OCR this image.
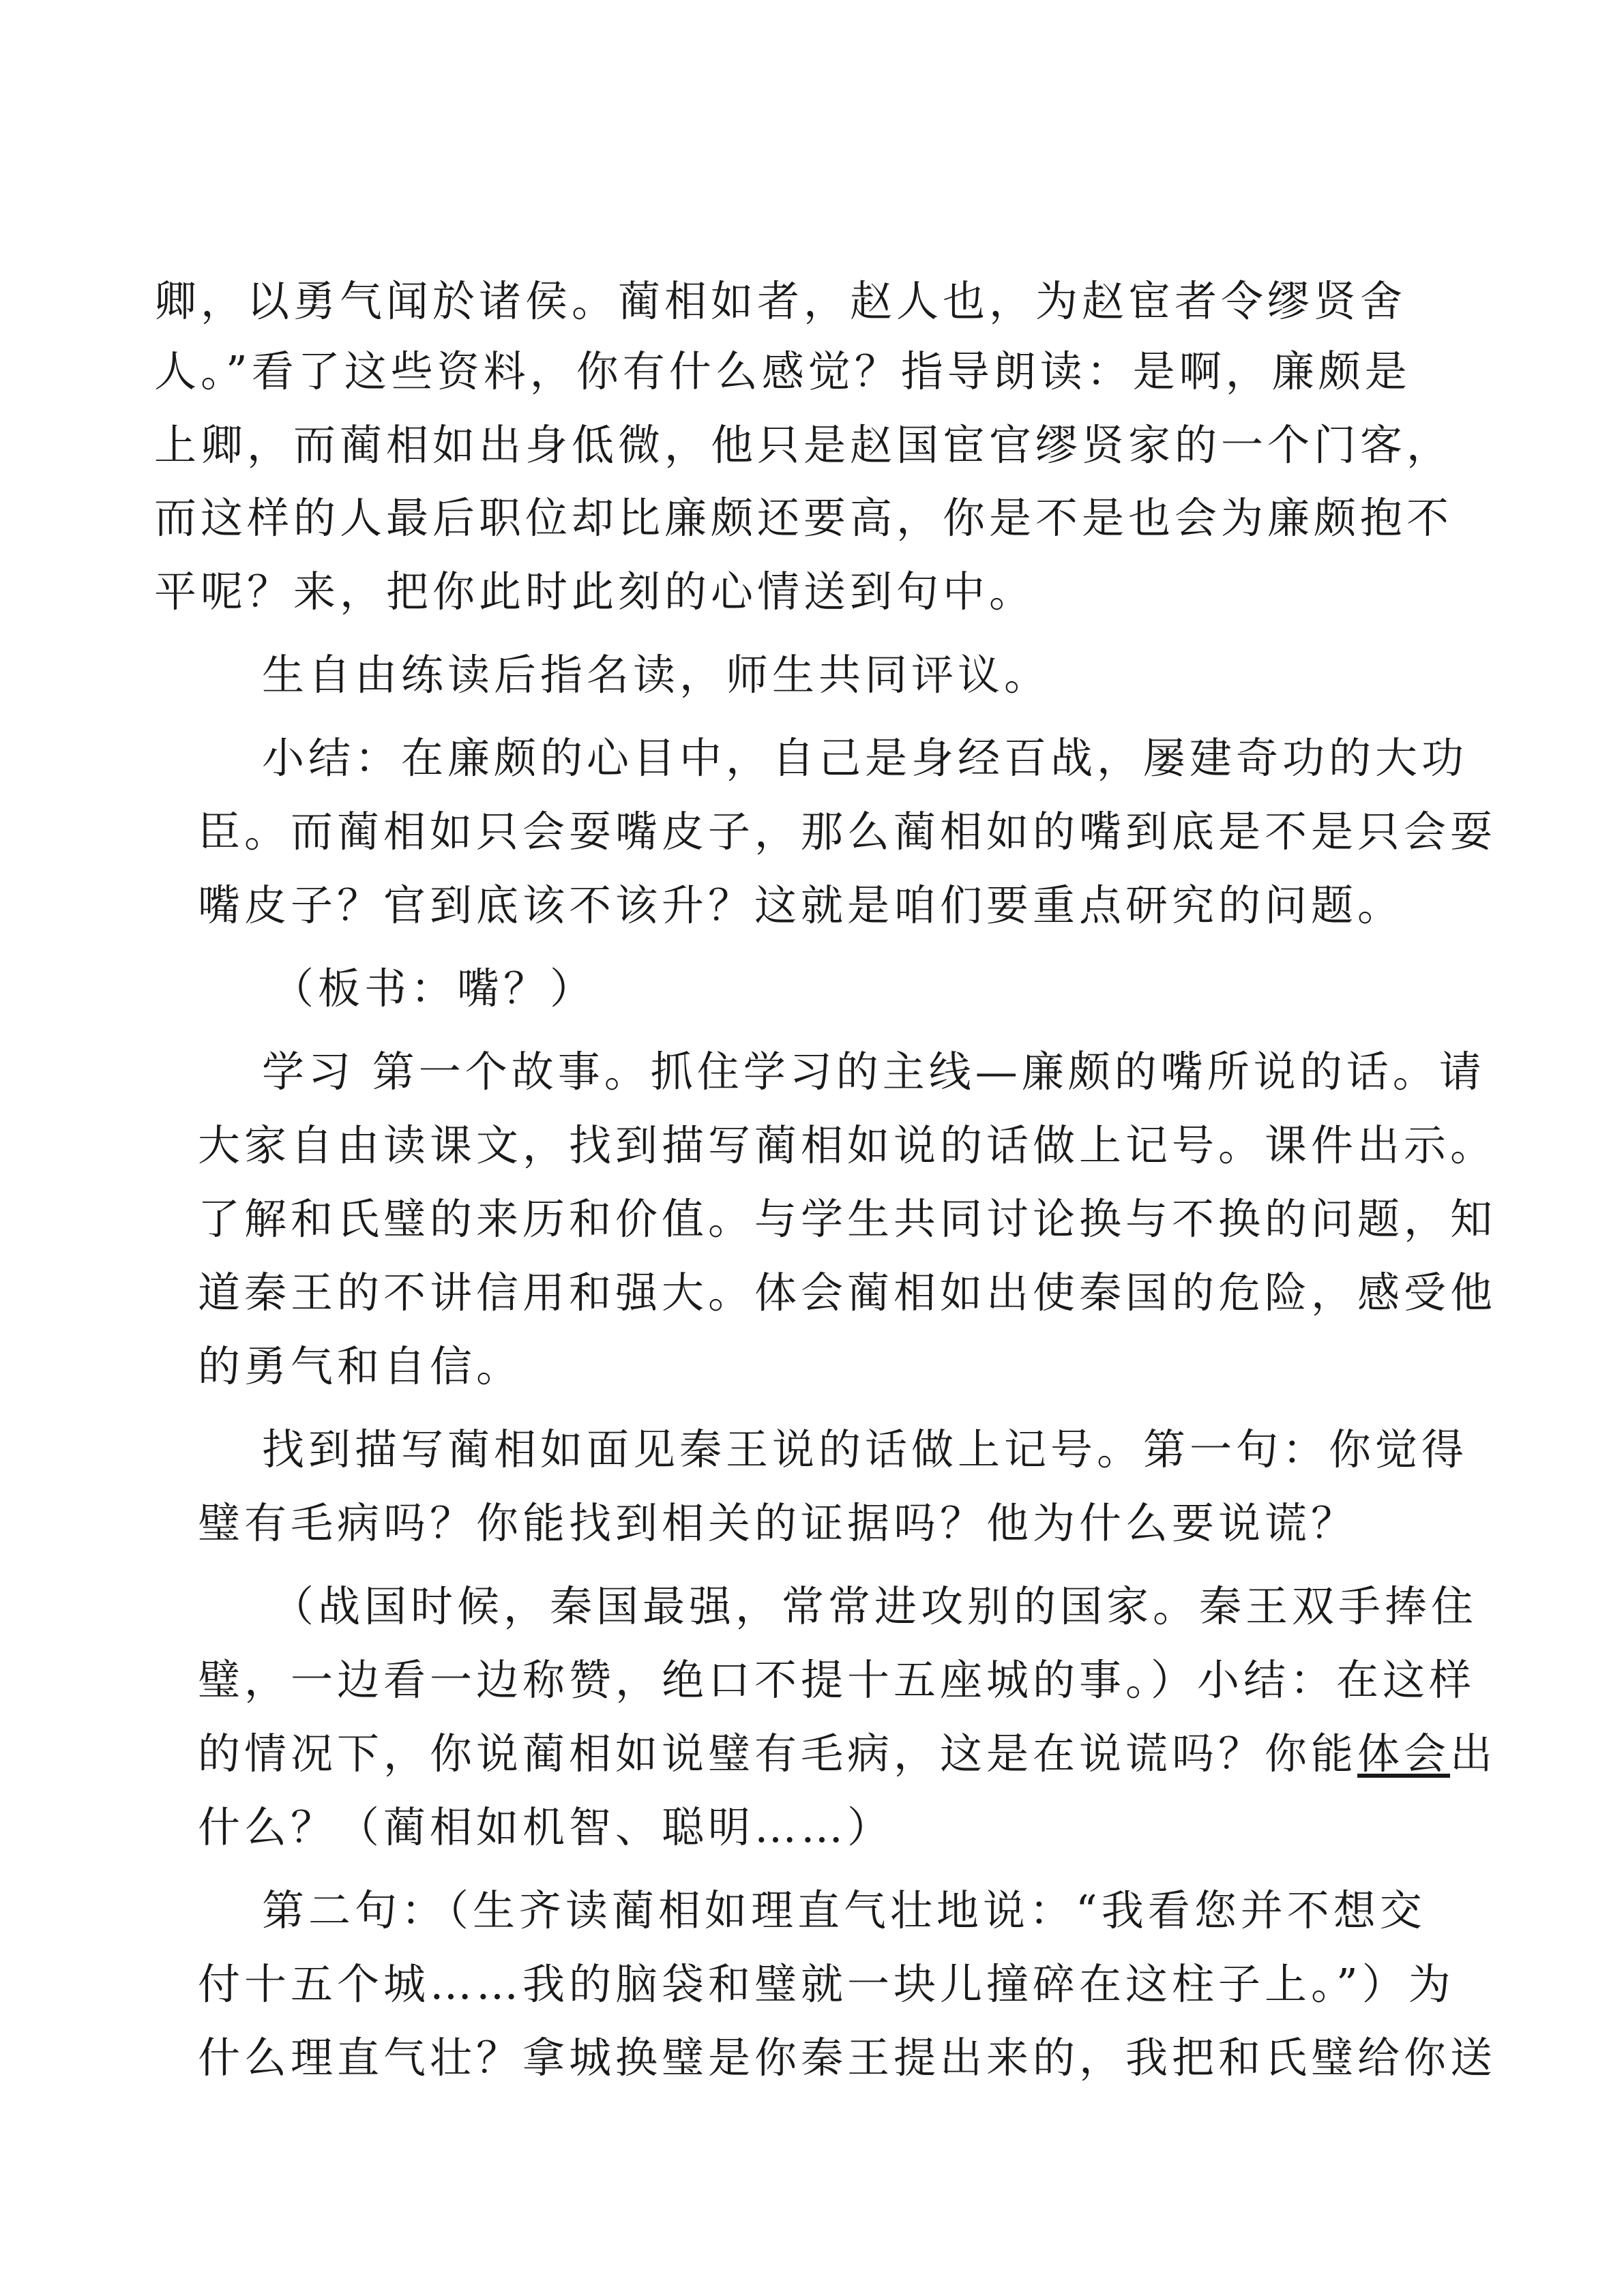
卿，以勇气闻於诸侯。蔺相如者，赵人也，为赵宦者令缪贤舍

人。”看了这些资料，你有什么感觉？指导朗读：是啊，廉颇是

上卿，而蔺相如出身低微，他只是赵国宦官缪贤家的一个门客，

而这样的人最后职位却比廉颇还要高，你是不是也会为廉颇抱不

平呢？来，把你此时此刻的心情送到句中。

生自由练读后指名读，师生共同评议。

小结：在廉颇的心目中，自己是身经百战，屡建奇功的大功

臣。而蔺相如只会耍嘴皮子，那么蔺相如的嘴到底是不是只会耍

嘴皮子？官到底该不该升？这就是咱们要重点研究的问题。

（板书：嘴？）

学习 第一个故事。抓住学习的主线—廉颇的嘴所说的话。请

大家自由读课文，找到描写蔺相如说的话做上记号。课件出示。

了解和氏璧的来历和价值。与学生共同讨论换与不换的问题，知

道秦王的不讲信用和强大。体会蔺相如出使秦国的危险，感受他

的勇气和自信。

找到描写蔺相如面见秦王说的话做上记号。第一句：你觉得

璧有毛病吗？你能找到相关的证据吗？他为什么要说谎？

（战国时候，秦国最强，常常进攻别的国家。秦王双手捧住

璧，一边看一边称赞，绝口不提十五座城的事。）小结：在这样

的情况下，你说蔺相如说璧有毛病，这是在说谎吗？你能体会出

什么？（蔺相如机智、聪明……）

第二句：（生齐读蔺相如理直气壮地说：“我看您并不想交

付十五个城……我的脑袋和璧就一块儿撞碎在这柱子上。”）为

什么理直气壮？拿城换璧是你秦王提出来的，我把和氏璧给你送
